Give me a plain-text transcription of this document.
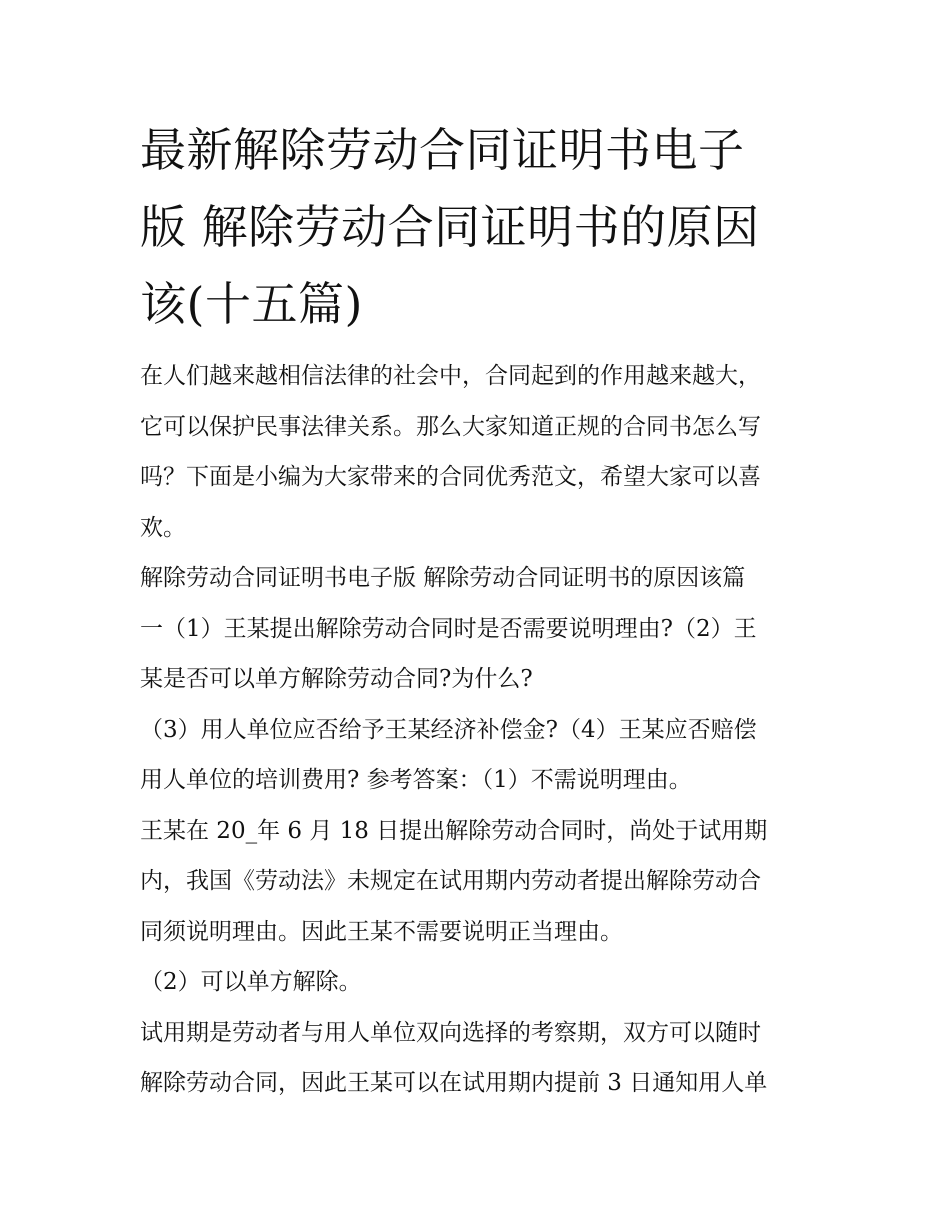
最新解除劳动合同证明书电子
版 解除劳动合同证明书的原因
该(十五篇)
在人们越来越相信法律的社会中，合同起到的作用越来越大，
它可以保护民事法律关系。那么大家知道正规的合同书怎么写
吗？下面是小编为大家带来的合同优秀范文，希望大家可以喜
欢。
解除劳动合同证明书电子版 解除劳动合同证明书的原因该篇
一（1）王某提出解除劳动合同时是否需要说明理由?（2）王
某是否可以单方解除劳动合同?为什么?
（3）用人单位应否给予王某经济补偿金?（4）王某应否赔偿
用人单位的培训费用? 参考答案：（1）不需说明理由。
王某在 20_年 6 月 18 日提出解除劳动合同时，尚处于试用期
内，我国《劳动法》未规定在试用期内劳动者提出解除劳动合
同须说明理由。因此王某不需要说明正当理由。
（2）可以单方解除。
试用期是劳动者与用人单位双向选择的考察期，双方可以随时
解除劳动合同，因此王某可以在试用期内提前 3 日通知用人单
